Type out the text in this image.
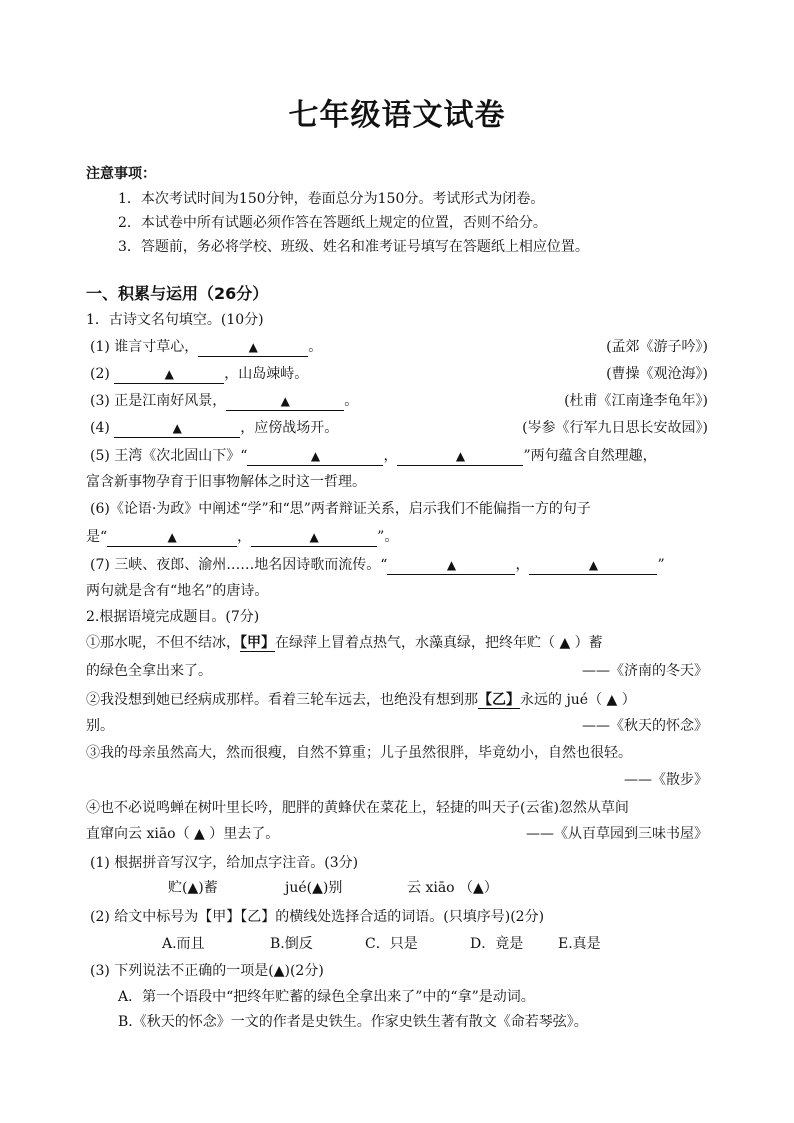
七年级语文试卷
注意事项：
1．本次考试时间为150分钟，卷面总分为150分。考试形式为闭卷。
2．本试卷中所有试题必须作答在答题纸上规定的位置，否则不给分。
3．答题前，务必将学校、班级、姓名和准考证号填写在答题纸上相应位置。
一、积累与运用（26分）
1．古诗文名句填空。(10分)
(1) 谁言寸草心，	▲	。	(孟郊《游子吟》)
(2)	▲	，山岛竦峙。	(曹操《观沧海》)
(3) 正是江南好风景，	▲	。	(杜甫《江南逢李龟年》)
(4)	▲	，应傍战场开。	(岑参《行军九日思长安故园》)
(5) 王湾《次北固山下》“	▲	，	▲	”两句蕴含自然理趣，
富含新事物孕育于旧事物解体之时这一哲理。
(6)《论语·为政》中阐述“学”和“思”两者辩证关系，启示我们不能偏指一方的句子
是“	▲	，	▲	”。
(7) 三峡、夜郎、渝州……地名因诗歌而流传。“	▲	，	▲	”
两句就是含有“地名”的唐诗。
2.根据语境完成题目。(7分)
①那水呢，不但不结冰，【甲】在绿萍上冒着点热气，水藻真绿，把终年贮（ ▲ ）蓄
的绿色全拿出来了。	——《济南的冬天》
②我没想到她已经病成那样。看着三轮车远去，也绝没有想到那【乙】永远的 jué（ ▲ ）
别。	——《秋天的怀念》
③我的母亲虽然高大，然而很瘦，自然不算重；儿子虽然很胖，毕竟幼小，自然也很轻。
——《散步》
④也不必说鸣蝉在树叶里长吟，肥胖的黄蜂伏在菜花上，轻捷的叫天子(云雀)忽然从草间
直窜向云 xiāo（ ▲ ）里去了。	——《从百草园到三味书屋》
(1) 根据拼音写汉字，给加点字注音。(3分)
贮(▲)蓄	jué(▲)别	云 xiāo （▲）
(2) 给文中标号为【甲】【乙】的横线处选择合适的词语。(只填序号)(2分)
A.而且	B.倒反	C．只是	D．竟是 E.真是
(3) 下列说法不正确的一项是(▲)(2分)
A．第一个语段中“把终年贮蓄的绿色全拿出来了”中的“拿”是动词。
B.《秋天的怀念》一文的作者是史铁生。作家史铁生著有散文《命若琴弦》。
